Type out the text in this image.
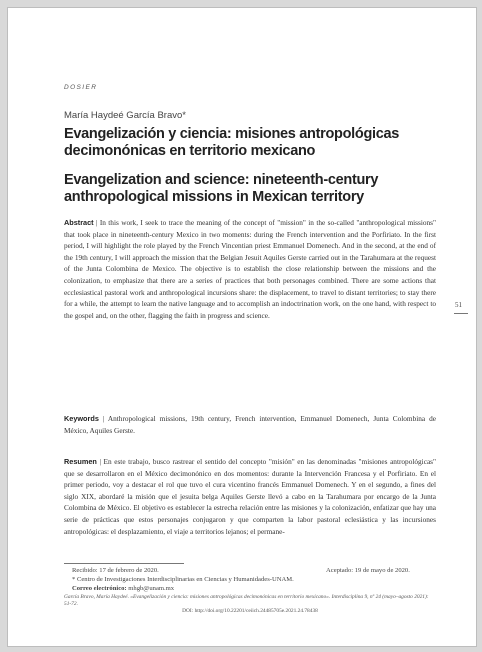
DOSIER
María Haydeé García Bravo*
Evangelización y ciencia: misiones antropológicas decimonónicas en territorio mexicano
Evangelization and science: nineteenth-century anthropological missions in Mexican territory
Abstract | In this work, I seek to trace the meaning of the concept of "mission" in the so-called "anthropological missions" that took place in nineteenth-century Mexico in two moments: during the French intervention and the Porfiriato. In the first period, I will highlight the role played by the French Vincentian priest Emmanuel Domenech. And in the second, at the end of the 19th century, I will approach the mission that the Belgian Jesuit Aquiles Gerste carried out in the Tarahumara at the request of the Junta Colombina de Mexico. The objective is to establish the close relationship between the missions and the colonization, to emphasize that there are a series of practices that both personages combined. There are some actions that ecclesiastical pastoral work and anthropological incursions share: the displacement, to travel to distant territories; to stay there for a while, the attempt to learn the native language and to accomplish an indoctrination work, on the one hand, with respect to the gospel and, on the other, flagging the faith in progress and science.
Keywords | Anthropological missions, 19th century, French intervention, Emmanuel Domenech, Junta Colombina de México, Aquiles Gerste.
Resumen | En este trabajo, busco rastrear el sentido del concepto "misión" en las denominadas "misiones antropológicas" que se desarrollaron en el México decimonónico en dos momentos: durante la Intervención Francesa y el Porfiriato. En el primer periodo, voy a destacar el rol que tuvo el cura vicentino francés Emmanuel Domenech. Y en el segundo, a fines del siglo XIX, abordaré la misión que el jesuita belga Aquiles Gerste llevó a cabo en la Tarahumara por encargo de la Junta Colombina de México. El objetivo es establecer la estrecha relación entre las misiones y la colonización, enfatizar que hay una serie de prácticas que estos personajes conjugaron y que comparten la labor pastoral eclesiástica y las incursiones antropológicas: el desplazamiento, el viaje a territorios lejanos; el permane-
Recibido: 17 de febrero de 2020.	Aceptado: 19 de mayo de 2020.
* Centro de Investigaciones Interdisciplinarias en Ciencias y Humanidades-UNAM.
Correo electrónico: mhgb@unam.mx
García Bravo, María Haydeé. «Evangelización y ciencia: misiones antropológicas decimonónicas en territorio mexicano». Interdisciplina 9, nº 24 (mayo–agosto 2021): 51-72.
DOI: http://doi.org/10.22201/ceiich.24485705e.2021.24.78438
51
